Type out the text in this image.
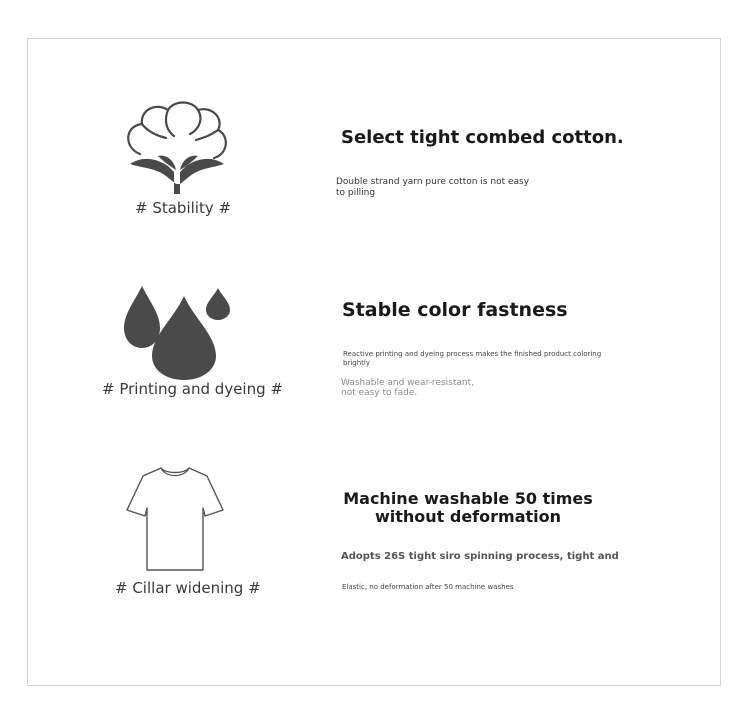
# Stability #
Select tight combed cotton.
Double strand yarn pure cotton is not easy
to pilling
# Printing and dyeing #
Stable color fastness
Reactive printing and dyeing process makes the finished product coloring
brightly
Washable and wear-resistant,
not easy to fade.
# Cillar widening #
Machine washable 50 times
without deformation
Adopts 26S tight siro spinning process, tight and
Elastic, no deformation after 50 machine washes
